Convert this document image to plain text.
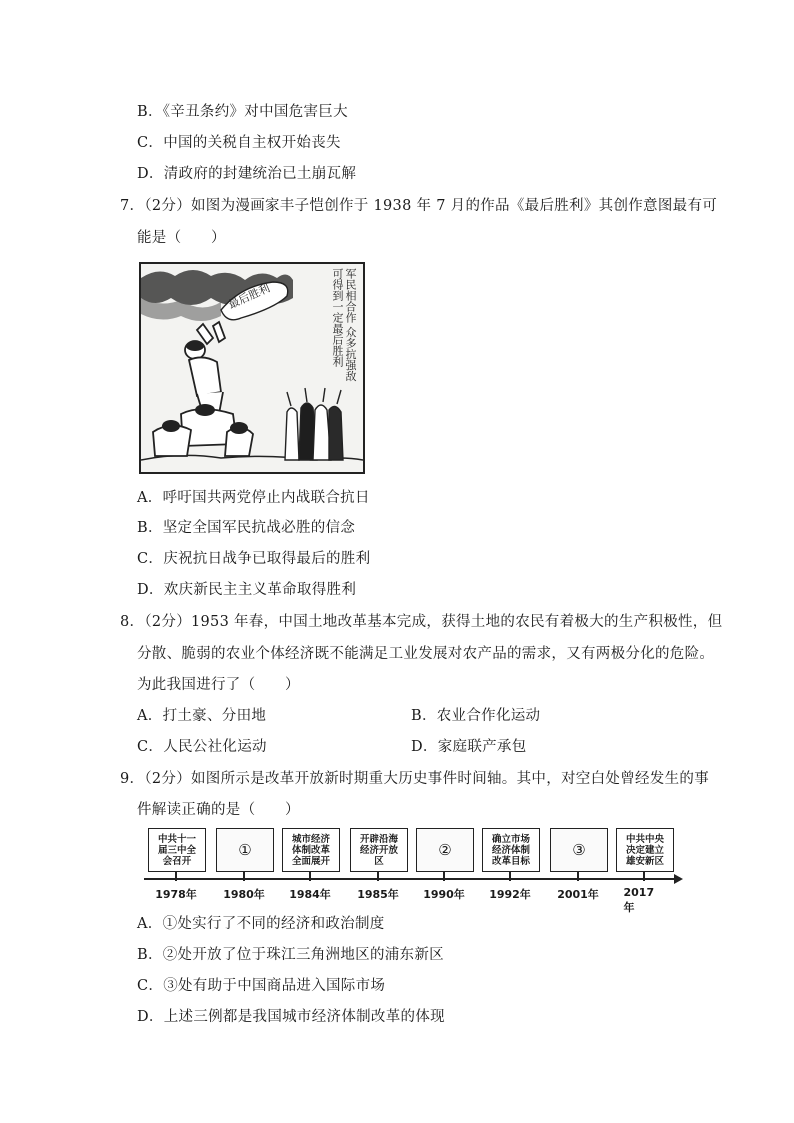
B．《辛丑条约》对中国危害巨大
C．中国的关税自主权开始丧失
D．清政府的封建统治已土崩瓦解
7．（2分）如图为漫画家丰子恺创作于 1938 年 7 月的作品《最后胜利》其创作意图最有可
能是（　　）
最后胜利	军民相合作 众多抗强敌 可得到一定最后胜利
A．呼吁国共两党停止内战联合抗日
B．坚定全国军民抗战必胜的信念
C．庆祝抗日战争已取得最后的胜利
D．欢庆新民主主义革命取得胜利
8．（2分）1953 年春，中国土地改革基本完成，获得土地的农民有着极大的生产积极性，但
分散、脆弱的农业个体经济既不能满足工业发展对农产品的需求，又有两极分化的危险。
为此我国进行了（　　）
A．打土豪、分田地	B．农业合作化运动
C．人民公社化运动	D．家庭联产承包
9．（2分）如图所示是改革开放新时期重大历史事件时间轴。其中，对空白处曾经发生的事
件解读正确的是（　　）
中共十一届三中全会召开
1978年
①
1980年
城市经济体制改革全面展开
1984年
开辟沿海经济开放区
1985年
②
1990年
确立市场经济体制改革目标
1992年
③
2001年
中共中央决定建立雄安新区
2017年
A．①处实行了不同的经济和政治制度
B．②处开放了位于珠江三角洲地区的浦东新区
C．③处有助于中国商品进入国际市场
D．上述三例都是我国城市经济体制改革的体现
